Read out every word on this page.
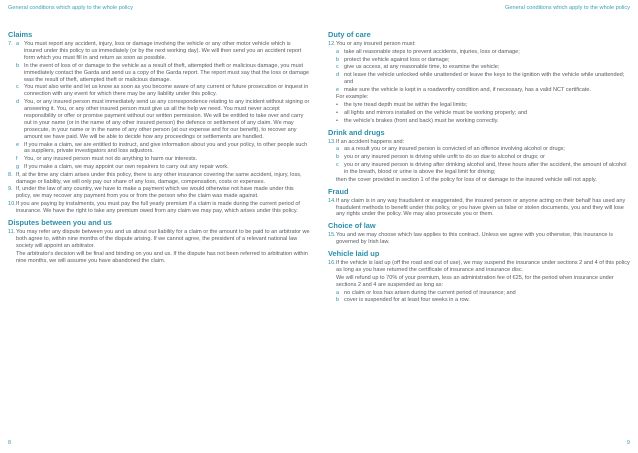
General conditions which apply to the whole policy	General conditions which apply to the whole policy
Claims
7. a You must report any accident, injury, loss or damage involving the vehicle or any other motor vehicle which is insured under this policy to us immediately (or by the next working day). We will then send you an accident report form which you must fill in and return as soon as possible.
b In the event of loss of or damage to the vehicle as a result of theft, attempted theft or malicious damage, you must immediately contact the Garda and send us a copy of the Garda report. The report must say that the loss or damage was the result of theft, attempted theft or malicious damage.
c You must also write and let us know as soon as you become aware of any current or future prosecution or inquest in connection with any event for which there may be any liability under this policy.
d You, or any insured person must immediately send us any correspondence relating to any incident without signing or answering it. You, or any other insured person must give us all the help we need. You must never accept responsibility or offer or promise payment without our written permission. We will be entitled to take over and carry out in your name (or in the name of any other insured person) the defence or settlement of any claim. We may prosecute, in your name or in the name of any other person (at our expense and for our benefit), to recover any amount we have paid. We will be able to decide how any proceedings or settlements are handled.
e If you make a claim, we are entitled to instruct, and give information about you and your policy, to other people such as suppliers, private investigators and loss adjustors.
f	You, or any insured person must not do anything to harm our interests.
g If you make a claim, we may appoint our own repairers to carry out any repair work.
8. If, at the time any claim arises under this policy, there is any other insurance covering the same accident, injury, loss, damage or liability, we will only pay our share of any loss, damage, compensation, costs or expenses.
9. If, under the law of any country, we have to make a payment which we would otherwise not have made under this policy, we may recover any payment from you or from the person who the claim was made against.
10. If you are paying by instalments, you must pay the full yearly premium if a claim is made during the current period of insurance. We have the right to take any premium owed from any claim we may pay, which arises under this policy.
Disputes between you and us
11. You may refer any dispute between you and us about our liability for a claim or the amount to be paid to an arbitrator we both agree to, within nine months of the dispute arising. If we cannot agree, the president of a relevant national law society will appoint an arbitrator.
The arbitrator's decision will be final and binding on you and us. If the dispute has not been referred to arbitration within nine months, we will assume you have abandoned the claim.
Duty of care
12. You or any insured person must:
a take all reasonable steps to prevent accidents, injuries, loss or damage;
b protect the vehicle against loss or damage;
c give us access, at any reasonable time, to examine the vehicle;
d not leave the vehicle unlocked while unattended or leave the keys to the ignition with the vehicle while unattended; and
e make sure the vehicle is kept in a roadworthy condition and, if necessary, has a valid NCT certificate.
For example:
•	the tyre tread depth must be within the legal limits;
•	all lights and mirrors installed on the vehicle must be working properly; and
•	the vehicle's brakes (front and back) must be working correctly.
Drink and drugs
13. If an accident happens and:
a as a result you or any insured person is convicted of an offence involving alcohol or drugs;
b you or any insured person is driving while unfit to do so due to alcohol or drugs; or
c you or any insured person is driving after drinking alcohol and, three hours after the accident, the amount of alcohol in the breath, blood or urine is above the legal limit for driving;
then the cover provided in section 1 of the policy for loss of or damage to the insured vehicle will not apply.
Fraud
14. If any claim is in any way fraudulent or exaggerated, the insured person or anyone acting on their behalf has used any fraudulent methods to benefit under this policy, or you have given us false or stolen documents, you and they will lose any rights under the policy. We may also prosecute you or them.
Choice of law
15. You and we may choose which law applies to this contract. Unless we agree with you otherwise, this insurance is governed by Irish law.
Vehicle laid up
16. If the vehicle is laid up (off the road and out of use), we may suspend the insurance under sections 2 and 4 of this policy as long as you have returned the certificate of insurance and insurance disc.
We will refund up to 70% of your premium, less an administration fee of €25, for the period when insurance under sections 2 and 4 are suspended as long as:
a no claim or loss has arisen during the current period of insurance; and
b cover is suspended for at least four weeks in a row.
8	9
